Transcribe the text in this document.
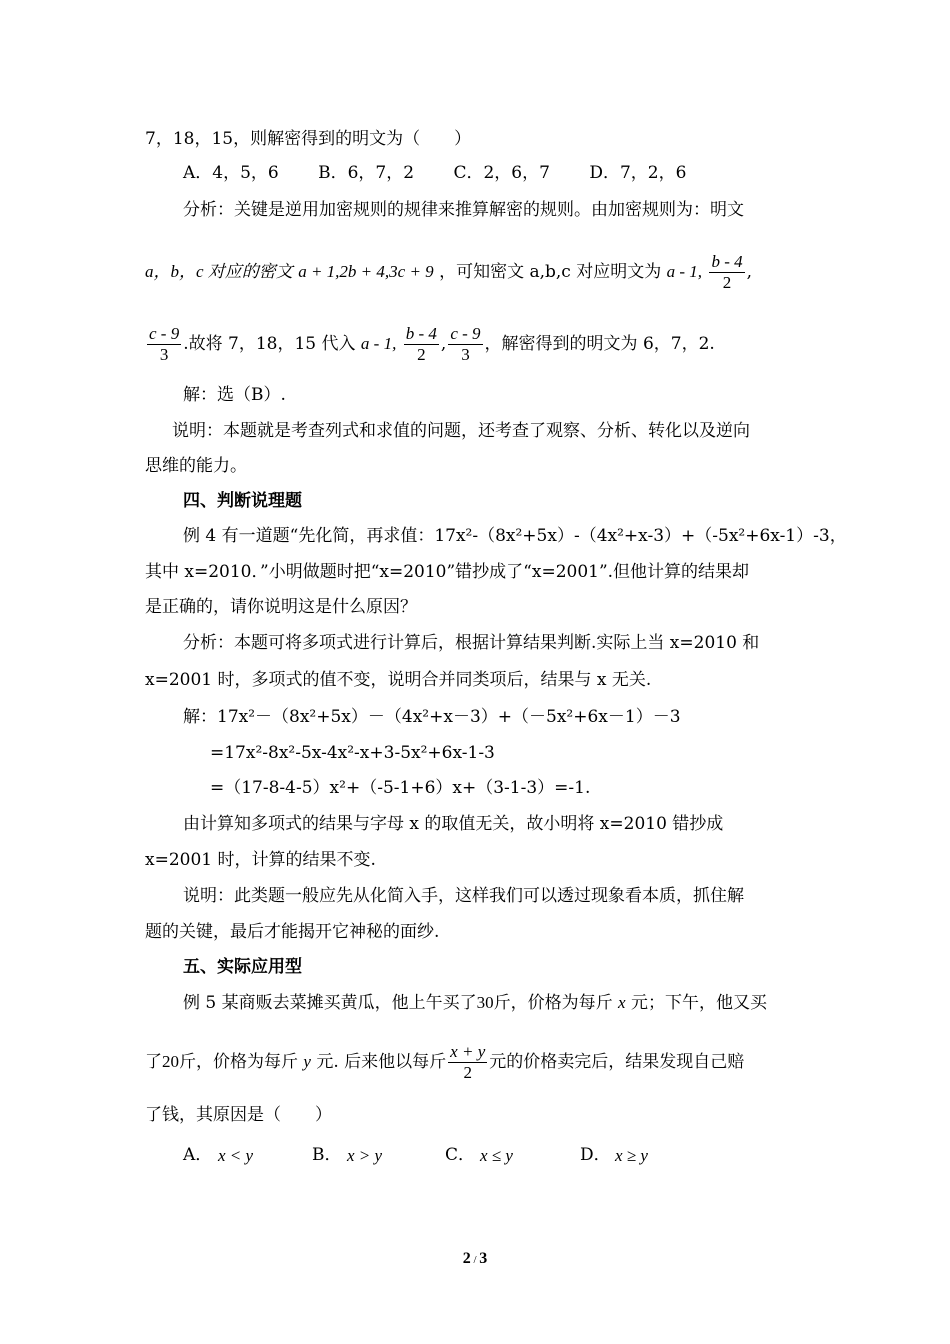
7，18，15，则解密得到的明文为（　　）
A．4，5，6　　 B．6，7，2　　 C．2，6，7　　 D．7，2，6
分析：关键是逆用加密规则的规律来推算解密的规则。由加密规则为：明文
a，b，c 对应的密文 a + 1,2b + 4,3c + 9 ，可知密文 a,b,c 对应明文为 a - 1, $\frac{b - 4}{2}$ ,
$\frac{c - 9}{3}$ .故将 7，18，15 代入 a - 1, $\frac{b - 4}{2}$ , $\frac{c - 9}{3}$ ，解密得到的明文为 6，7，2.
解：选（B）.
说明：本题就是考查列式和求值的问题，还考查了观察、分析、转化以及逆向
思维的能力。
四、判断说理题
例 4 有一道题“先化简，再求值：17x²-（8x²+5x）-（4x²+x-3）+（-5x²+6x-1）-3，
其中 x=2010．”小明做题时把“x=2010”错抄成了“x=2001”.但他计算的结果却
是正确的，请你说明这是什么原因？
分析：本题可将多项式进行计算后，根据计算结果判断.实际上当 x=2010 和
x=2001 时，多项式的值不变，说明合并同类项后，结果与 x 无关.
解：17x²－（8x²+5x）－（4x²+x－3）+（－5x²+6x－1）－3
=17x²-8x²-5x-4x²-x+3-5x²+6x-1-3
=（17-8-4-5）x²+（-5-1+6）x+（3-1-3）=-1.
由计算知多项式的结果与字母 x 的取值无关，故小明将 x=2010 错抄成
x=2001 时，计算的结果不变.
说明：此类题一般应先从化简入手，这样我们可以透过现象看本质，抓住解
题的关键，最后才能揭开它神秘的面纱.
五、实际应用型
例 5 某商贩去菜摊买黄瓜，他上午买了30斤，价格为每斤 x 元；下午，他又买
了20斤，价格为每斤 y 元. 后来他以每斤 $\frac{x + y}{2}$ 元的价格卖完后，结果发现自己赔
了钱，其原因是（　　）
A． x < y	B． x > y	C． x ≤ y	D． x ≥ y
2 / 3
